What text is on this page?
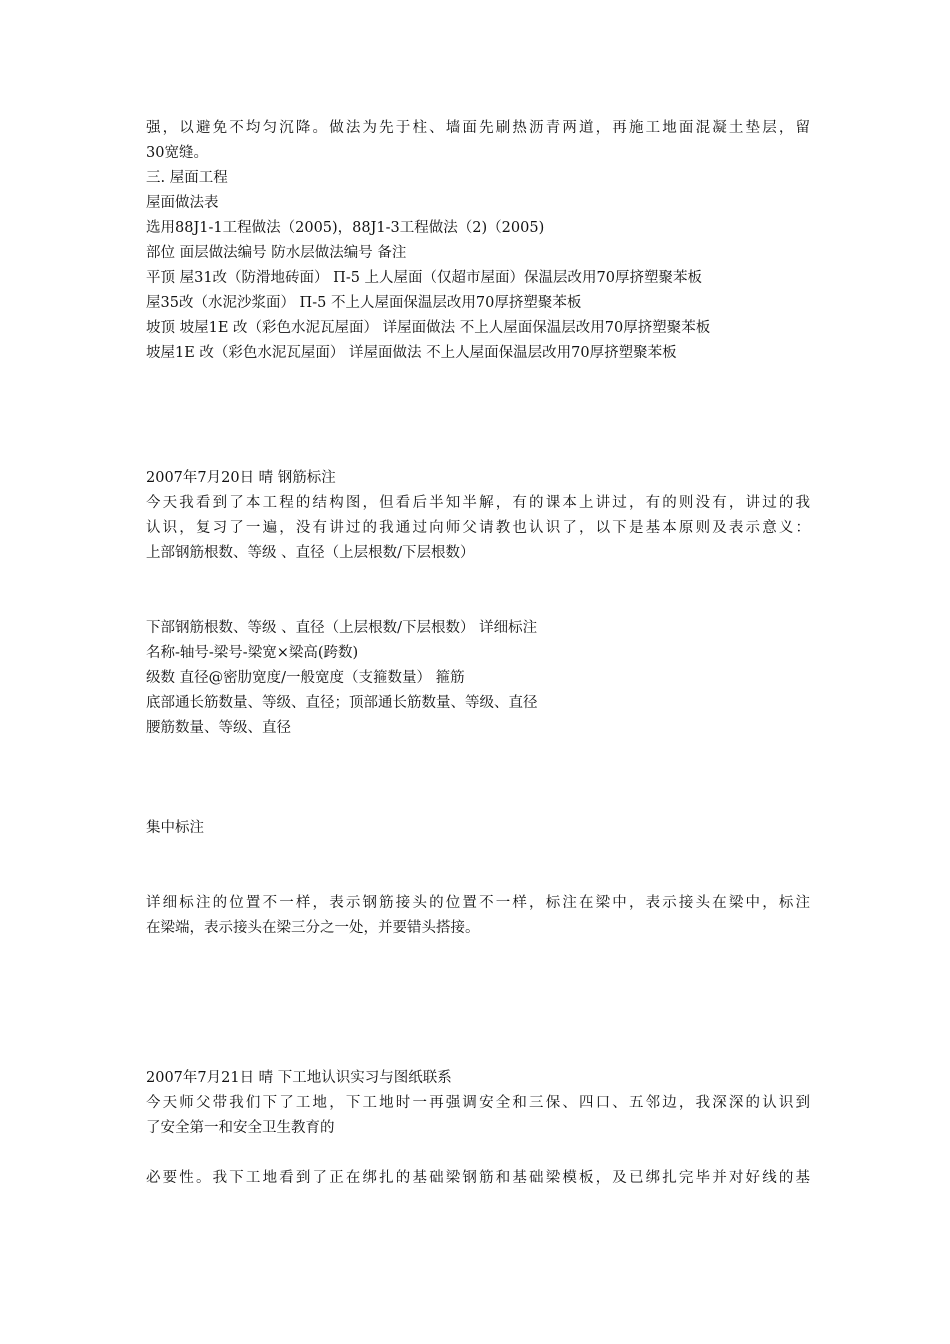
强，以避免不均匀沉降。做法为先于柱、墙面先刷热沥青两道，再施工地面混凝土垫层，留
30宽缝。
三. 屋面工程
屋面做法表
选用88J1-1工程做法（2005)，88J1-3工程做法（2)（2005)
部位 面层做法编号 防水层做法编号 备注
平顶 屋31改（防滑地砖面） Π-5 上人屋面（仅超市屋面）保温层改用70厚挤塑聚苯板
屋35改（水泥沙浆面） Π-5 不上人屋面保温层改用70厚挤塑聚苯板
坡顶 坡屋1E 改（彩色水泥瓦屋面） 详屋面做法 不上人屋面保温层改用70厚挤塑聚苯板
坡屋1E 改（彩色水泥瓦屋面） 详屋面做法 不上人屋面保温层改用70厚挤塑聚苯板
2007年7月20日 晴 钢筋标注
今天我看到了本工程的结构图，但看后半知半解，有的课本上讲过，有的则没有，讲过的我
认识，复习了一遍，没有讲过的我通过向师父请教也认识了，以下是基本原则及表示意义：
上部钢筋根数、等级 、直径（上层根数/下层根数）
下部钢筋根数、等级 、直径（上层根数/下层根数） 详细标注
名称-轴号-梁号-梁宽×梁高(跨数)
级数 直径@密肋宽度/一般宽度（支箍数量） 箍筋
底部通长筋数量、等级、直径；顶部通长筋数量、等级、直径
腰筋数量、等级、直径
集中标注
详细标注的位置不一样，表示钢筋接头的位置不一样，标注在梁中，表示接头在梁中，标注
在梁端，表示接头在梁三分之一处，并要错头搭接。
2007年7月21日 晴 下工地认识实习与图纸联系
今天师父带我们下了工地，下工地时一再强调安全和三保、四口、五邻边，我深深的认识到
了安全第一和安全卫生教育的
必要性。我下工地看到了正在绑扎的基础梁钢筋和基础梁模板，及已绑扎完毕并对好线的基
